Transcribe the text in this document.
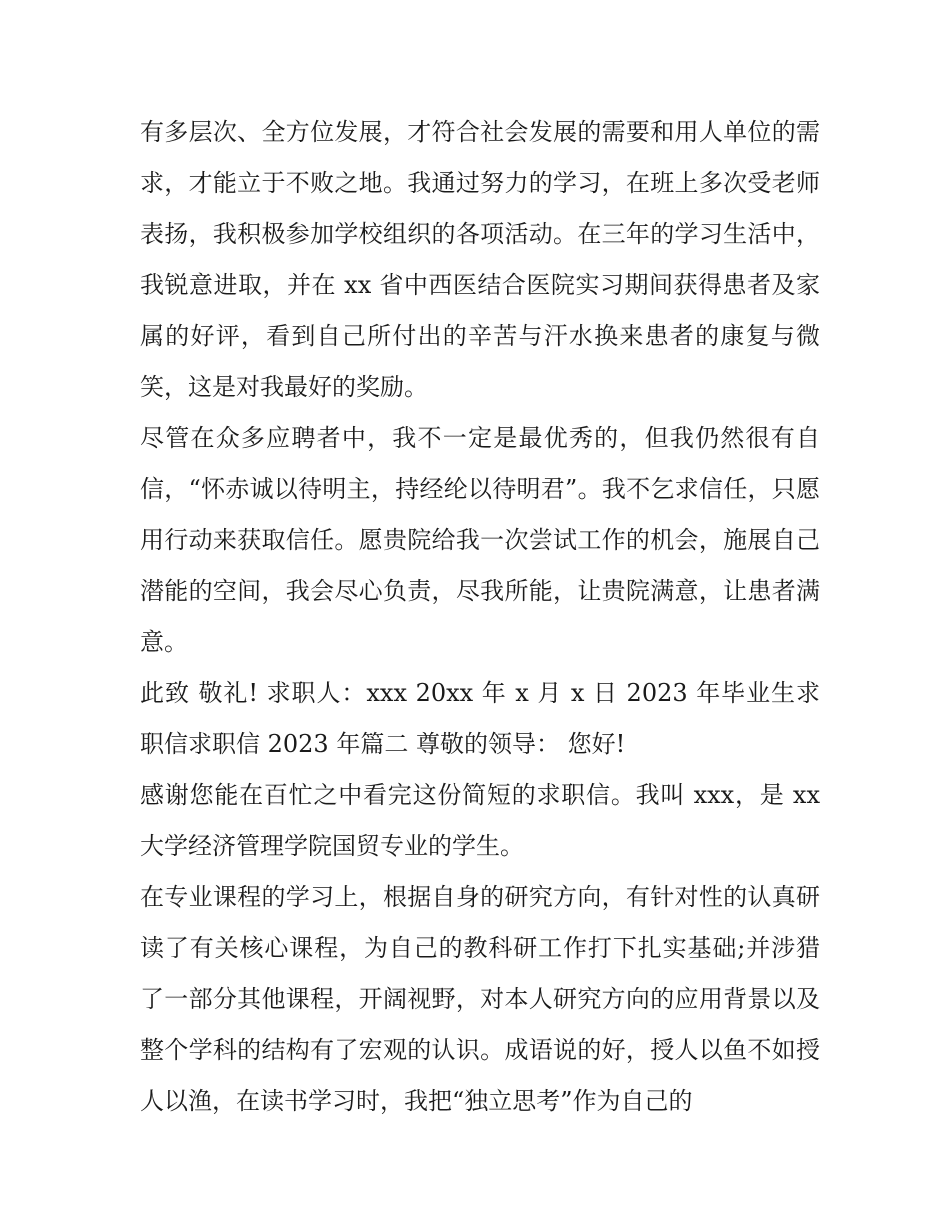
有多层次、全方位发展，才符合社会发展的需要和用人单位的需求，才能立于不败之地。我通过努力的学习，在班上多次受老师表扬，我积极参加学校组织的各项活动。在三年的学习生活中，我锐意进取，并在 xx 省中西医结合医院实习期间获得患者及家属的好评，看到自己所付出的辛苦与汗水换来患者的康复与微笑，这是对我最好的奖励。

尽管在众多应聘者中，我不一定是最优秀的，但我仍然很有自信，“怀赤诚以待明主，持经纶以待明君”。我不乞求信任，只愿用行动来获取信任。愿贵院给我一次尝试工作的机会，施展自己潜能的空间，我会尽心负责，尽我所能，让贵院满意，让患者满意。

此致 敬礼! 求职人：xxx 20xx 年 x 月 x 日 2023 年毕业生求职信求职信 2023 年篇二 尊敬的领导： 您好!

感谢您能在百忙之中看完这份简短的求职信。我叫 xxx，是 xx 大学经济管理学院国贸专业的学生。

在专业课程的学习上，根据自身的研究方向，有针对性的认真研读了有关核心课程，为自己的教科研工作打下扎实基础;并涉猎了一部分其他课程，开阔视野，对本人研究方向的应用背景以及整个学科的结构有了宏观的认识。成语说的好，授人以鱼不如授人以渔，在读书学习时，我把“独立思考”作为自己的
